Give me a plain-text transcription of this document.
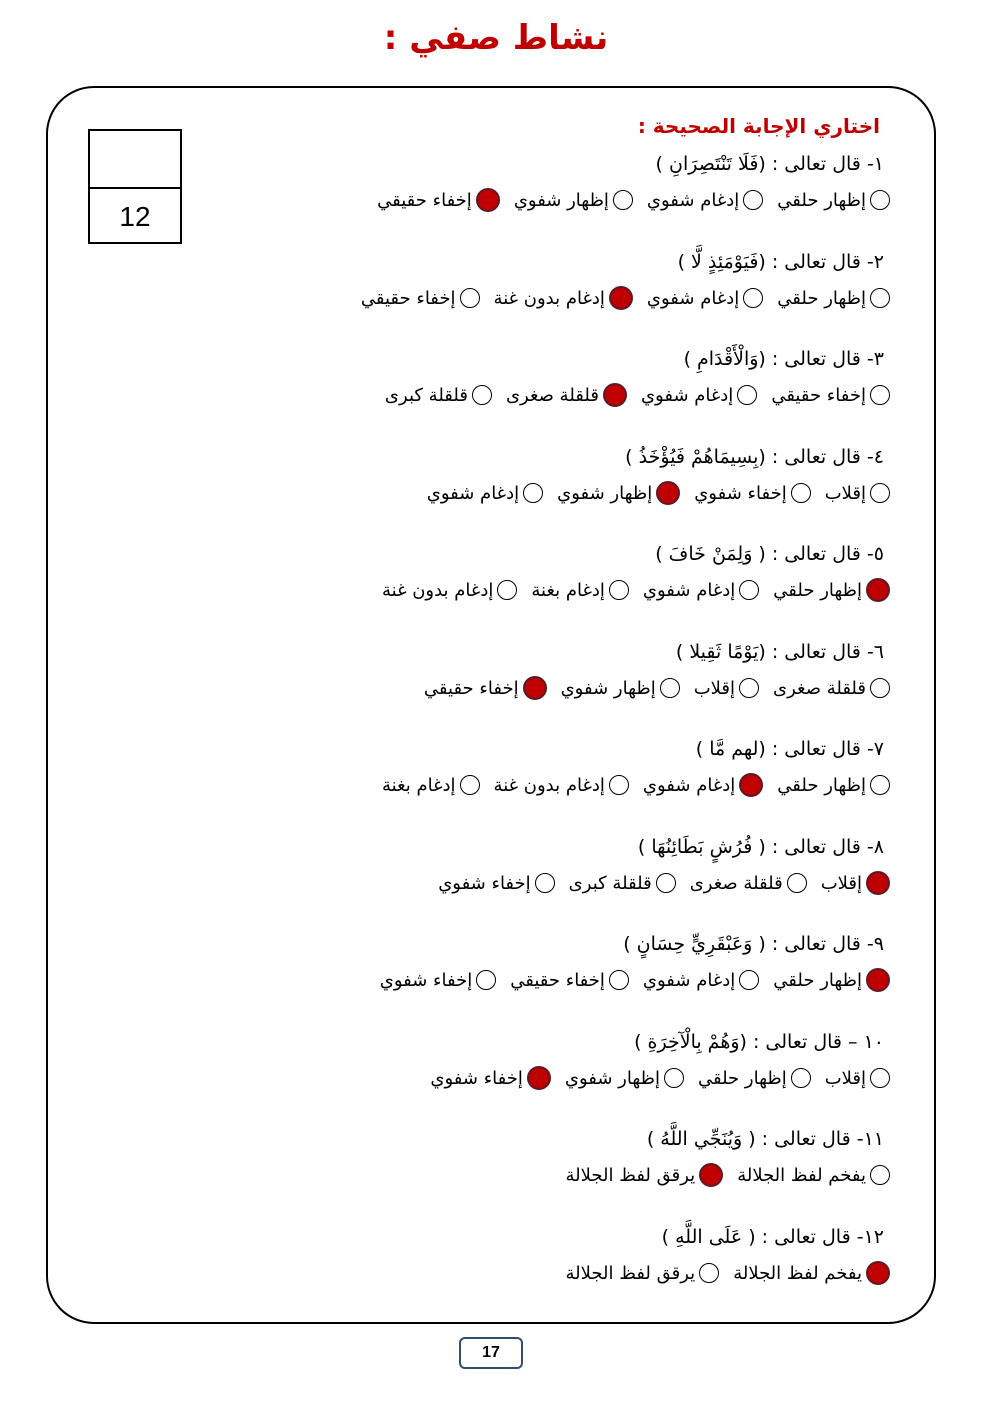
نشاط صفي :
12
اختاري الإجابة الصحيحة :
١- قال تعالى : (فَلَا تَنْتَصِرَانِ )
إظهار حلقي
إدغام شفوي
إظهار شفوي
إخفاء حقيقي
٢- قال تعالى : (فَيَوْمَئِذٍ لَّا )
إظهار حلقي
إدغام شفوي
إدغام بدون غنة
إخفاء حقيقي
٣- قال تعالى : (وَالْأَقْدَامِ )
إخفاء حقيقي
إدغام شفوي
قلقلة صغرى
قلقلة كبرى
٤- قال تعالى : (بِسِيمَاهُمْ فَيُؤْخَذُ )
إقلاب
إخفاء شفوي
إظهار شفوي
إدغام شفوي
٥- قال تعالى : ( وَلِمَنْ خَافَ )
إظهار حلقي
إدغام شفوي
إدغام بغنة
إدغام بدون غنة
٦- قال تعالى : (يَوْمًا ثَقِيلا )
قلقلة صغرى
إقلاب
إظهار شفوي
إخفاء حقيقي
٧- قال تعالى : (لهم مَّا )
إظهار حلقي
إدغام شفوي
إدغام بدون غنة
إدغام بغنة
٨- قال تعالى : ( فُرُشٍ بَطَائِنُهَا )
إقلاب
قلقلة صغرى
قلقلة كبرى
إخفاء شفوي
٩- قال تعالى : ( وَعَبْقَرِيٍّ حِسَانٍ )
إظهار حلقي
إدغام شفوي
إخفاء حقيقي
إخفاء شفوي
١٠ – قال تعالى : (وَهُمْ بِالْآخِرَةِ )
إقلاب
إظهار حلقي
إظهار شفوي
إخفاء شفوي
١١- قال تعالى : ( وَيُنَجِّي اللَّهُ )
يفخم لفظ الجلالة
يرقق لفظ الجلالة
١٢- قال تعالى : ( عَلَى اللَّهِ )
يفخم لفظ الجلالة
يرقق لفظ الجلالة
17
